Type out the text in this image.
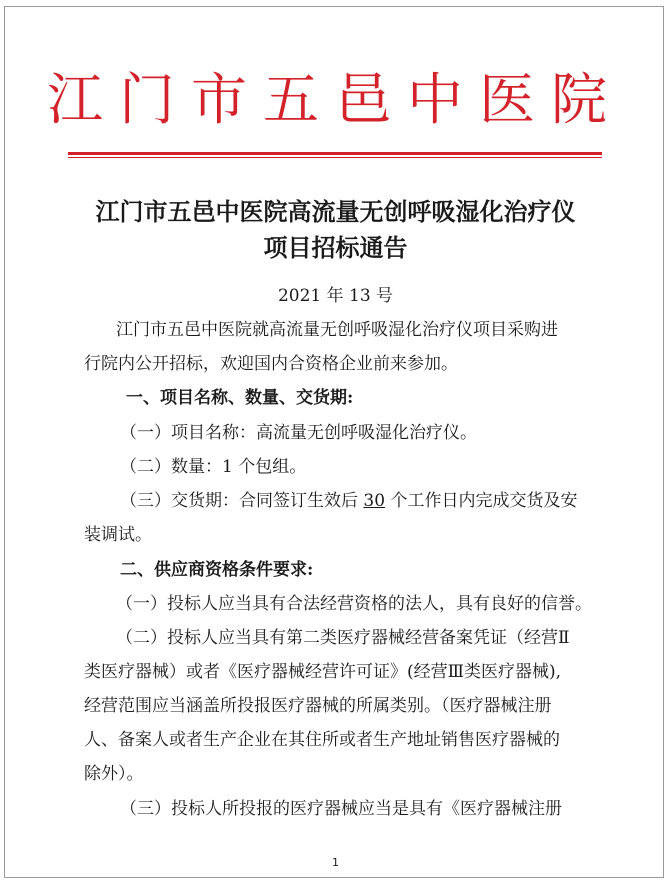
江门市五邑中医院
江门市五邑中医院高流量无创呼吸湿化治疗仪
项目招标通告
2021 年 13 号
江门市五邑中医院就高流量无创呼吸湿化治疗仪项目采购进
行院内公开招标，欢迎国内合资格企业前来参加。
一、项目名称、数量、交货期:
（一）项目名称：高流量无创呼吸湿化治疗仪。
（二）数量：1 个包组。
（三）交货期：合同签订生效后 30 个工作日内完成交货及安
装调试。
二、供应商资格条件要求:
（一）投标人应当具有合法经营资格的法人，具有良好的信誉。
（二）投标人应当具有第二类医疗器械经营备案凭证（经营Ⅱ
类医疗器械）或者《医疗器械经营许可证》(经营Ⅲ类医疗器械),
经营范围应当涵盖所投报医疗器械的所属类别。（医疗器械注册
人、备案人或者生产企业在其住所或者生产地址销售医疗器械的
除外）。
（三）投标人所投报的医疗器械应当是具有《医疗器械注册
1
